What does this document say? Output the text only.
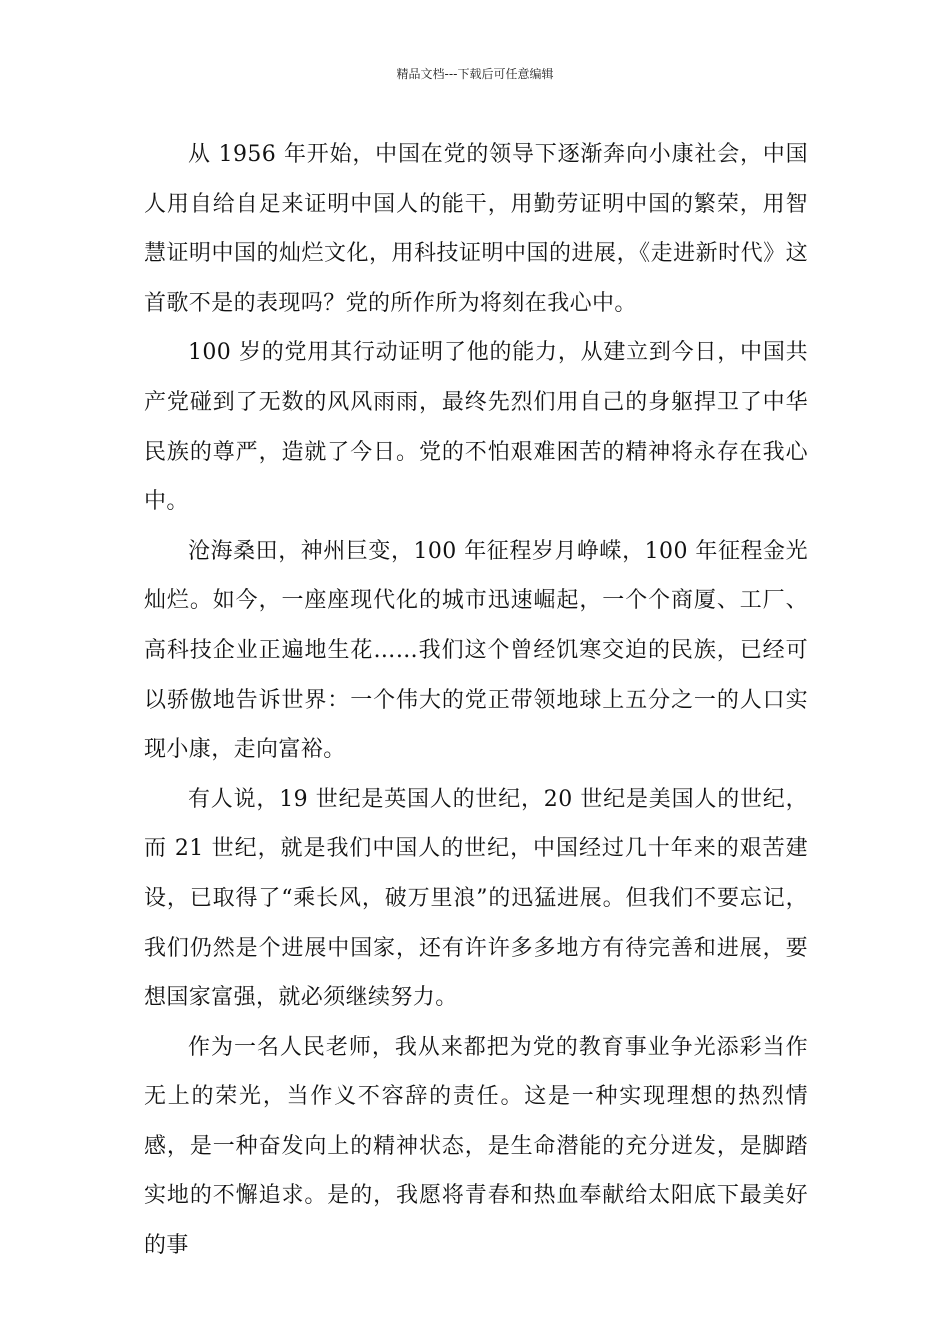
精品文档---下载后可任意编辑

从 1956 年开始，中国在党的领导下逐渐奔向小康社会，中国人用自给自足来证明中国人的能干，用勤劳证明中国的繁荣，用智慧证明中国的灿烂文化，用科技证明中国的进展，《走进新时代》这首歌不是的表现吗？党的所作所为将刻在我心中。

100 岁的党用其行动证明了他的能力，从建立到今日，中国共产党碰到了无数的风风雨雨，最终先烈们用自己的身躯捍卫了中华民族的尊严，造就了今日。党的不怕艰难困苦的精神将永存在我心中。

沧海桑田，神州巨变，100 年征程岁月峥嵘，100 年征程金光灿烂。如今，一座座现代化的城市迅速崛起，一个个商厦、工厂、高科技企业正遍地生花……我们这个曾经饥寒交迫的民族，已经可以骄傲地告诉世界：一个伟大的党正带领地球上五分之一的人口实现小康，走向富裕。

有人说，19 世纪是英国人的世纪，20 世纪是美国人的世纪，而 21 世纪，就是我们中国人的世纪，中国经过几十年来的艰苦建设，已取得了“乘长风，破万里浪”的迅猛进展。但我们不要忘记，我们仍然是个进展中国家，还有许许多多地方有待完善和进展，要想国家富强，就必须继续努力。

作为一名人民老师，我从来都把为党的教育事业争光添彩当作无上的荣光，当作义不容辞的责任。这是一种实现理想的热烈情感，是一种奋发向上的精神状态，是生命潜能的充分迸发，是脚踏实地的不懈追求。是的，我愿将青春和热血奉献给太阳底下最美好的事
